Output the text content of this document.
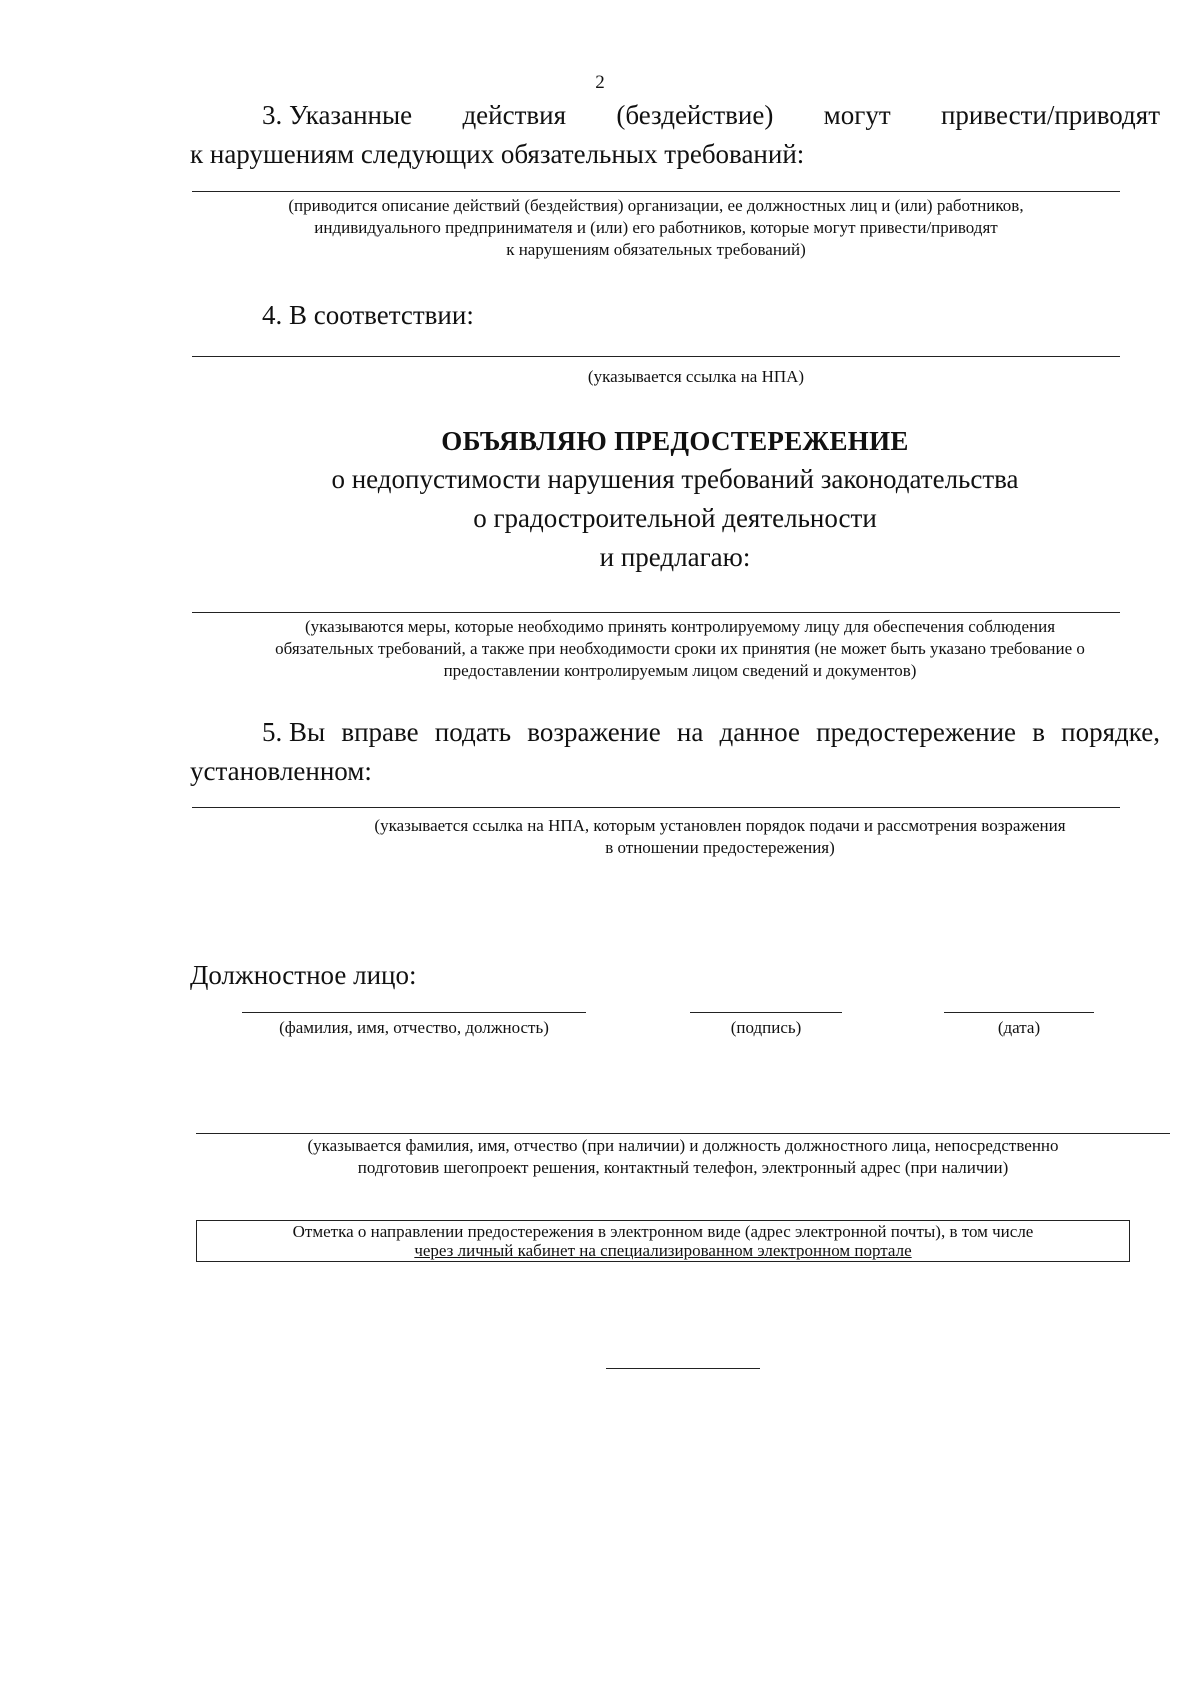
2
3. Указанные действия (бездействие) могут привести/приводят
к нарушениям следующих обязательных требований:
(приводится описание действий (бездействия) организации, ее должностных лиц и (или) работников,
индивидуального предпринимателя и (или) его работников, которые могут привести/приводят
к нарушениям обязательных требований)
4. В соответствии:
(указывается ссылка на НПА)
ОБЪЯВЛЯЮ ПРЕДОСТЕРЕЖЕНИЕ
о недопустимости нарушения требований законодательства
о градостроительной деятельности
и предлагаю:
(указываются меры, которые необходимо принять контролируемому лицу для обеспечения соблюдения
обязательных требований, а также при необходимости сроки их принятия (не может быть указано требование о
предоставлении контролируемым лицом сведений и документов)
5. Вы вправе подать возражение на данное предостережение в порядке,
установленном:
(указывается ссылка на НПА, которым установлен порядок подачи и рассмотрения возражения
в отношении предостережения)
Должностное лицо:
(фамилия, имя, отчество, должность)	(подпись)	(дата)
(указывается фамилия, имя, отчество (при наличии) и должность должностного лица, непосредственно
подготовив шегопроект решения, контактный телефон, электронный адрес (при наличии)
Отметка о направлении предостережения в электронном виде (адрес электронной почты), в том числе
через личный кабинет на специализированном электронном портале
